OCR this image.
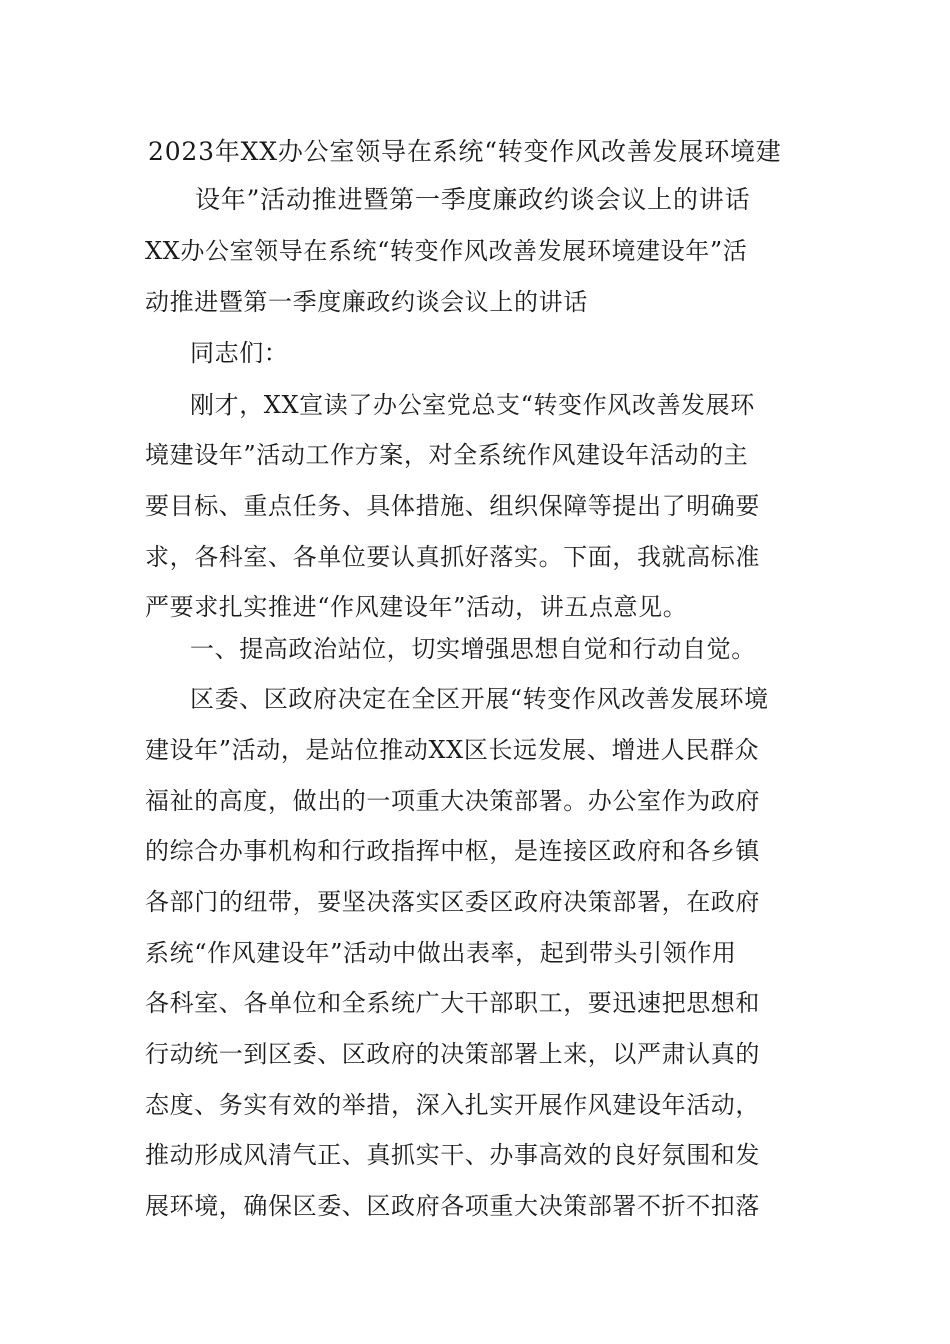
2023年XX办公室领导在系统“转变作风改善发展环境建
设年”活动推进暨第一季度廉政约谈会议上的讲话
XX办公室领导在系统“转变作风改善发展环境建设年”活
动推进暨第一季度廉政约谈会议上的讲话
同志们：
刚才，XX宣读了办公室党总支“转变作风改善发展环
境建设年”活动工作方案，对全系统作风建设年活动的主
要目标、重点任务、具体措施、组织保障等提出了明确要
求，各科室、各单位要认真抓好落实。下面，我就高标准
严要求扎实推进“作风建设年”活动，讲五点意见。
一、提高政治站位，切实增强思想自觉和行动自觉。
区委、区政府决定在全区开展“转变作风改善发展环境
建设年”活动，是站位推动XX区长远发展、增进人民群众
福祉的高度，做出的一项重大决策部署。办公室作为政府
的综合办事机构和行政指挥中枢，是连接区政府和各乡镇
各部门的纽带，要坚决落实区委区政府决策部署，在政府
系统“作风建设年”活动中做出表率，起到带头引领作用
各科室、各单位和全系统广大干部职工，要迅速把思想和
行动统一到区委、区政府的决策部署上来，以严肃认真的
态度、务实有效的举措，深入扎实开展作风建设年活动，
推动形成风清气正、真抓实干、办事高效的良好氛围和发
展环境，确保区委、区政府各项重大决策部署不折不扣落
